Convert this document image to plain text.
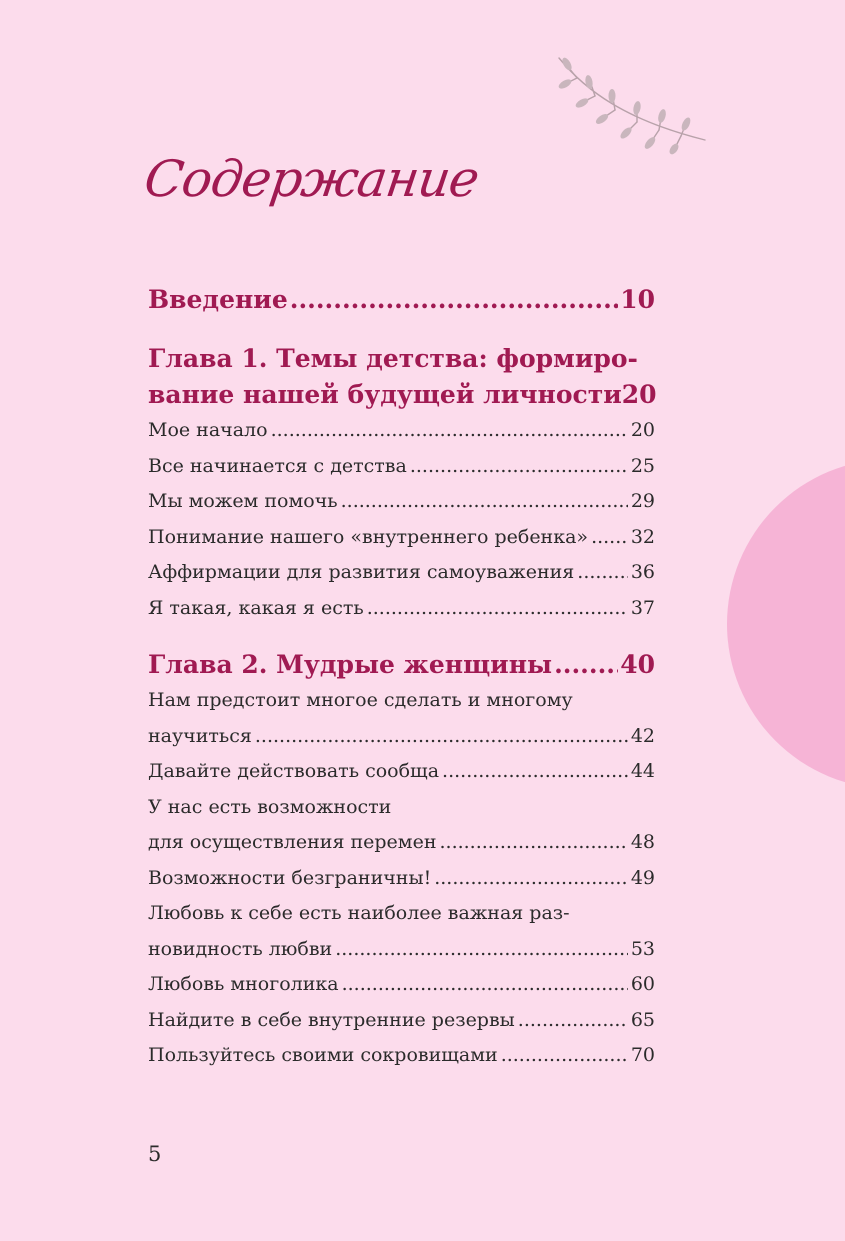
Содержание
Введение .....	10
Глава 1. Темы детства: формиро-
вание нашей будущей личности 20
Мое начало .....	20
Все начинается с детства .....	25
Мы можем помочь .....	29
Понимание нашего «внутреннего ребенка» ..... 32
Аффирмации для развития самоуважения .....	36
Я такая, какая я есть .....	37
Глава 2. Мудрые женщины .....	40
Нам предстоит многое сделать и многому
научиться .....	42
Давайте действовать сообща .....	44
У нас есть возможности
для осуществления перемен .....	48
Возможности безграничны! .....	49
Любовь к себе есть наиболее важная раз-
новидность любви .....	53
Любовь многолика .....	60
Найдите в себе внутренние резервы .....	65
Пользуйтесь своими сокровищами .....	70
5
